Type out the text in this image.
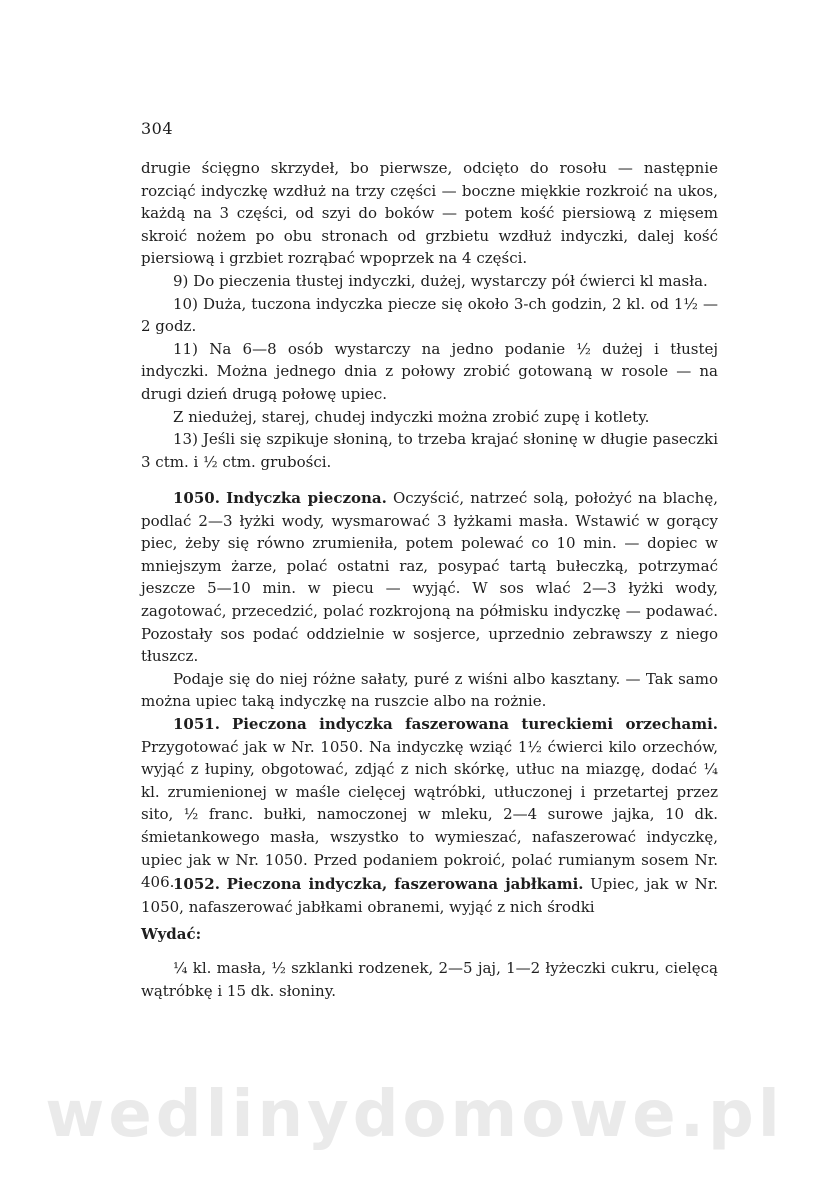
304

drugie ścięgno skrzydeł, bo pierwsze, odcięto do rosołu — następnie rozciąć indyczkę wzdłuż na trzy części — boczne miękkie rozkroić na ukos, każdą na 3 części, od szyi do boków — potem kość piersiową z mięsem skroić nożem po obu stronach od grzbietu wzdłuż indyczki, dalej kość piersiową i grzbiet rozrąbać wpoprzek na 4 części.

9) Do pieczenia tłustej indyczki, dużej, wystarczy pół ćwierci kl masła.

10) Duża, tuczona indyczka piecze się około 3-ch godzin, 2 kl. od 1½ — 2 godz.

11) Na 6—8 osób wystarczy na jedno podanie ½ dużej i tłustej indyczki. Można jednego dnia z połowy zrobić gotowaną w rosole — na drugi dzień drugą połowę upiec.

Z niedużej, starej, chudej indyczki można zrobić zupę i kotlety.

13) Jeśli się szpikuje słoniną, to trzeba krajać słoninę w długie paseczki 3 ctm. i ½ ctm. grubości.

1050. Indyczka pieczona. Oczyścić, natrzeć solą, położyć na blachę, podlać 2—3 łyżki wody, wysmarować 3 łyżkami masła. Wstawić w gorący piec, żeby się równo zrumieniła, potem polewać co 10 min. — dopiec w mniejszym żarze, polać ostatni raz, posypać tartą bułeczką, potrzymać jeszcze 5—10 min. w piecu — wyjąć. W sos wlać 2—3 łyżki wody, zagotować, przecedzić, polać rozkrojoną na półmisku indyczkę — podawać. Pozostały sos podać oddzielnie w sosjerce, uprzednio zebrawszy z niego tłuszcz.

Podaje się do niej różne sałaty, puré z wiśni albo kasztany. — Tak samo można upiec taką indyczkę na ruszcie albo na rożnie.

1051. Pieczona indyczka faszerowana tureckiemi orzechami. Przygotować jak w Nr. 1050. Na indyczkę wziąć 1½ ćwierci kilo orzechów, wyjąć z łupiny, obgotować, zdjąć z nich skórkę, utłuc na miazgę, dodać ¼ kl. zrumienionej w maśle cielęcej wątróbki, utłuczonej i przetartej przez sito, ½ franc. bułki, namoczonej w mleku, 2—4 surowe jajka, 10 dk. śmietankowego masła, wszystko to wymieszać, nafaszerować indyczkę, upiec jak w Nr. 1050. Przed podaniem pokroić, polać rumianym sosem Nr. 406.

1052. Pieczona indyczka, faszerowana jabłkami. Upiec, jak w Nr. 1050, nafaszerować jabłkami obranemi, wyjąć z nich środki

Wydać:

¼ kl. masła, ½ szklanki rodzenek, 2—5 jaj, 1—2 łyżeczki cukru, cielęcą wątróbkę i 15 dk. słoniny.

wedlinydomowe.pl
